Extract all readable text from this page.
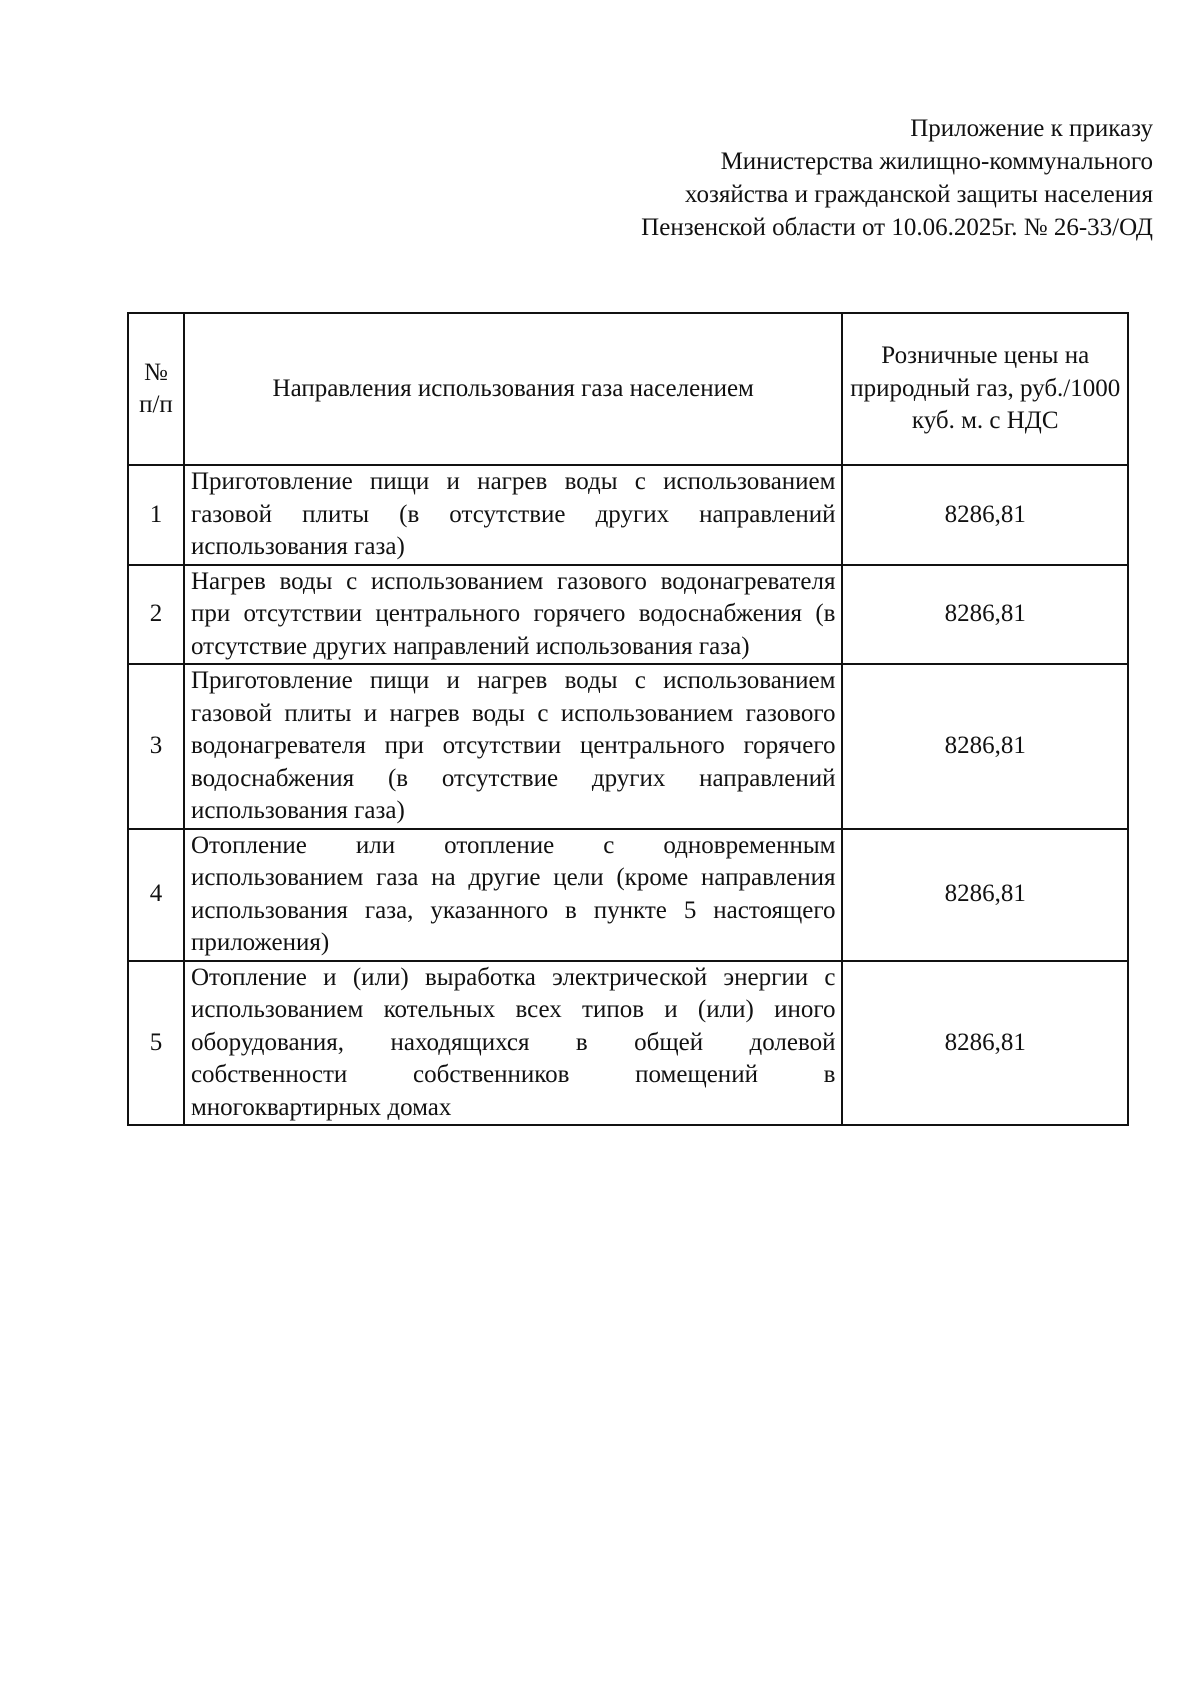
Приложение к приказу
Министерства жилищно-коммунального
хозяйства и гражданской защиты населения
Пензенской области от 10.06.2025г. № 26-33/ОД
№
п/п	Направления использования газа населением	Розничные цены на природный газ, руб./1000 куб. м. с НДС
1	Приготовление пищи и нагрев воды с использованием газовой плиты (в отсутствие других направлений использования газа)	8286,81
2	Нагрев воды с использованием газового водонагревателя при отсутствии центрального горячего водоснабжения (в отсутствие других направлений использования газа)	8286,81
3	Приготовление пищи и нагрев воды с использованием газовой плиты и нагрев воды с использованием газового водонагревателя при отсутствии центрального горячего водоснабжения (в отсутствие других направлений использования газа)	8286,81
4	Отопление или отопление с одновременным использованием газа на другие цели (кроме направления использования газа, указанного в пункте 5 настоящего приложения)	8286,81
5	Отопление и (или) выработка электрической энергии с использованием котельных всех типов и (или) иного оборудования, находящихся в общей долевой собственности собственников помещений в многоквартирных домах	8286,81
